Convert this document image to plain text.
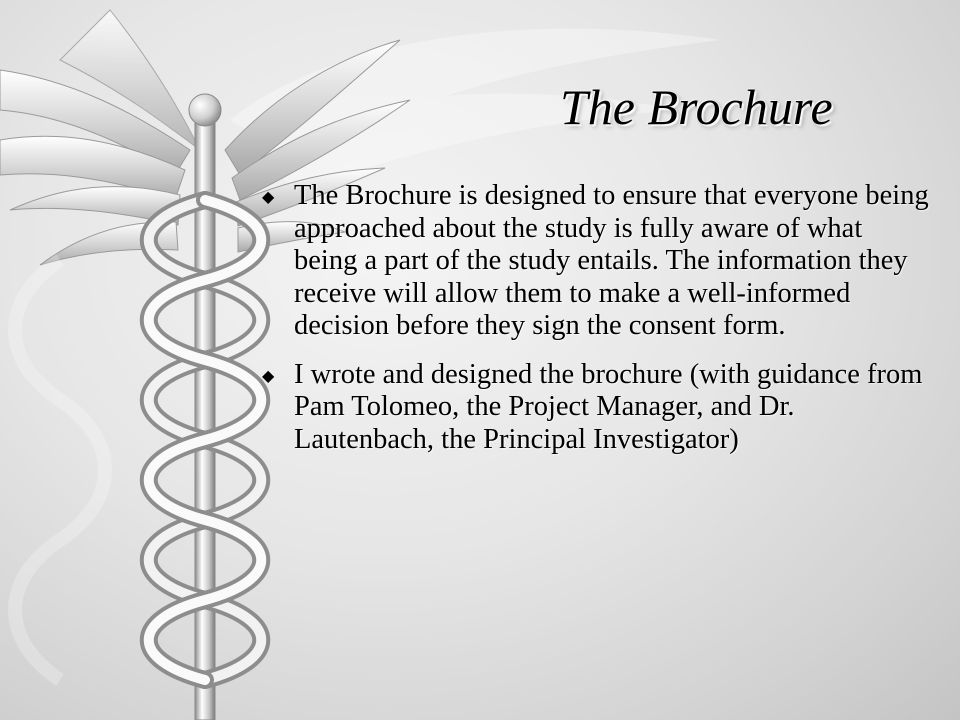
The Brochure
◆ The Brochure is designed to ensure that everyone being approached about the study is fully aware of what being a part of the study entails. The information they receive will allow them to make a well-informed decision before they sign the consent form.
◆ I wrote and designed the brochure (with guidance from Pam Tolomeo, the Project Manager, and Dr. Lautenbach, the Principal Investigator)
